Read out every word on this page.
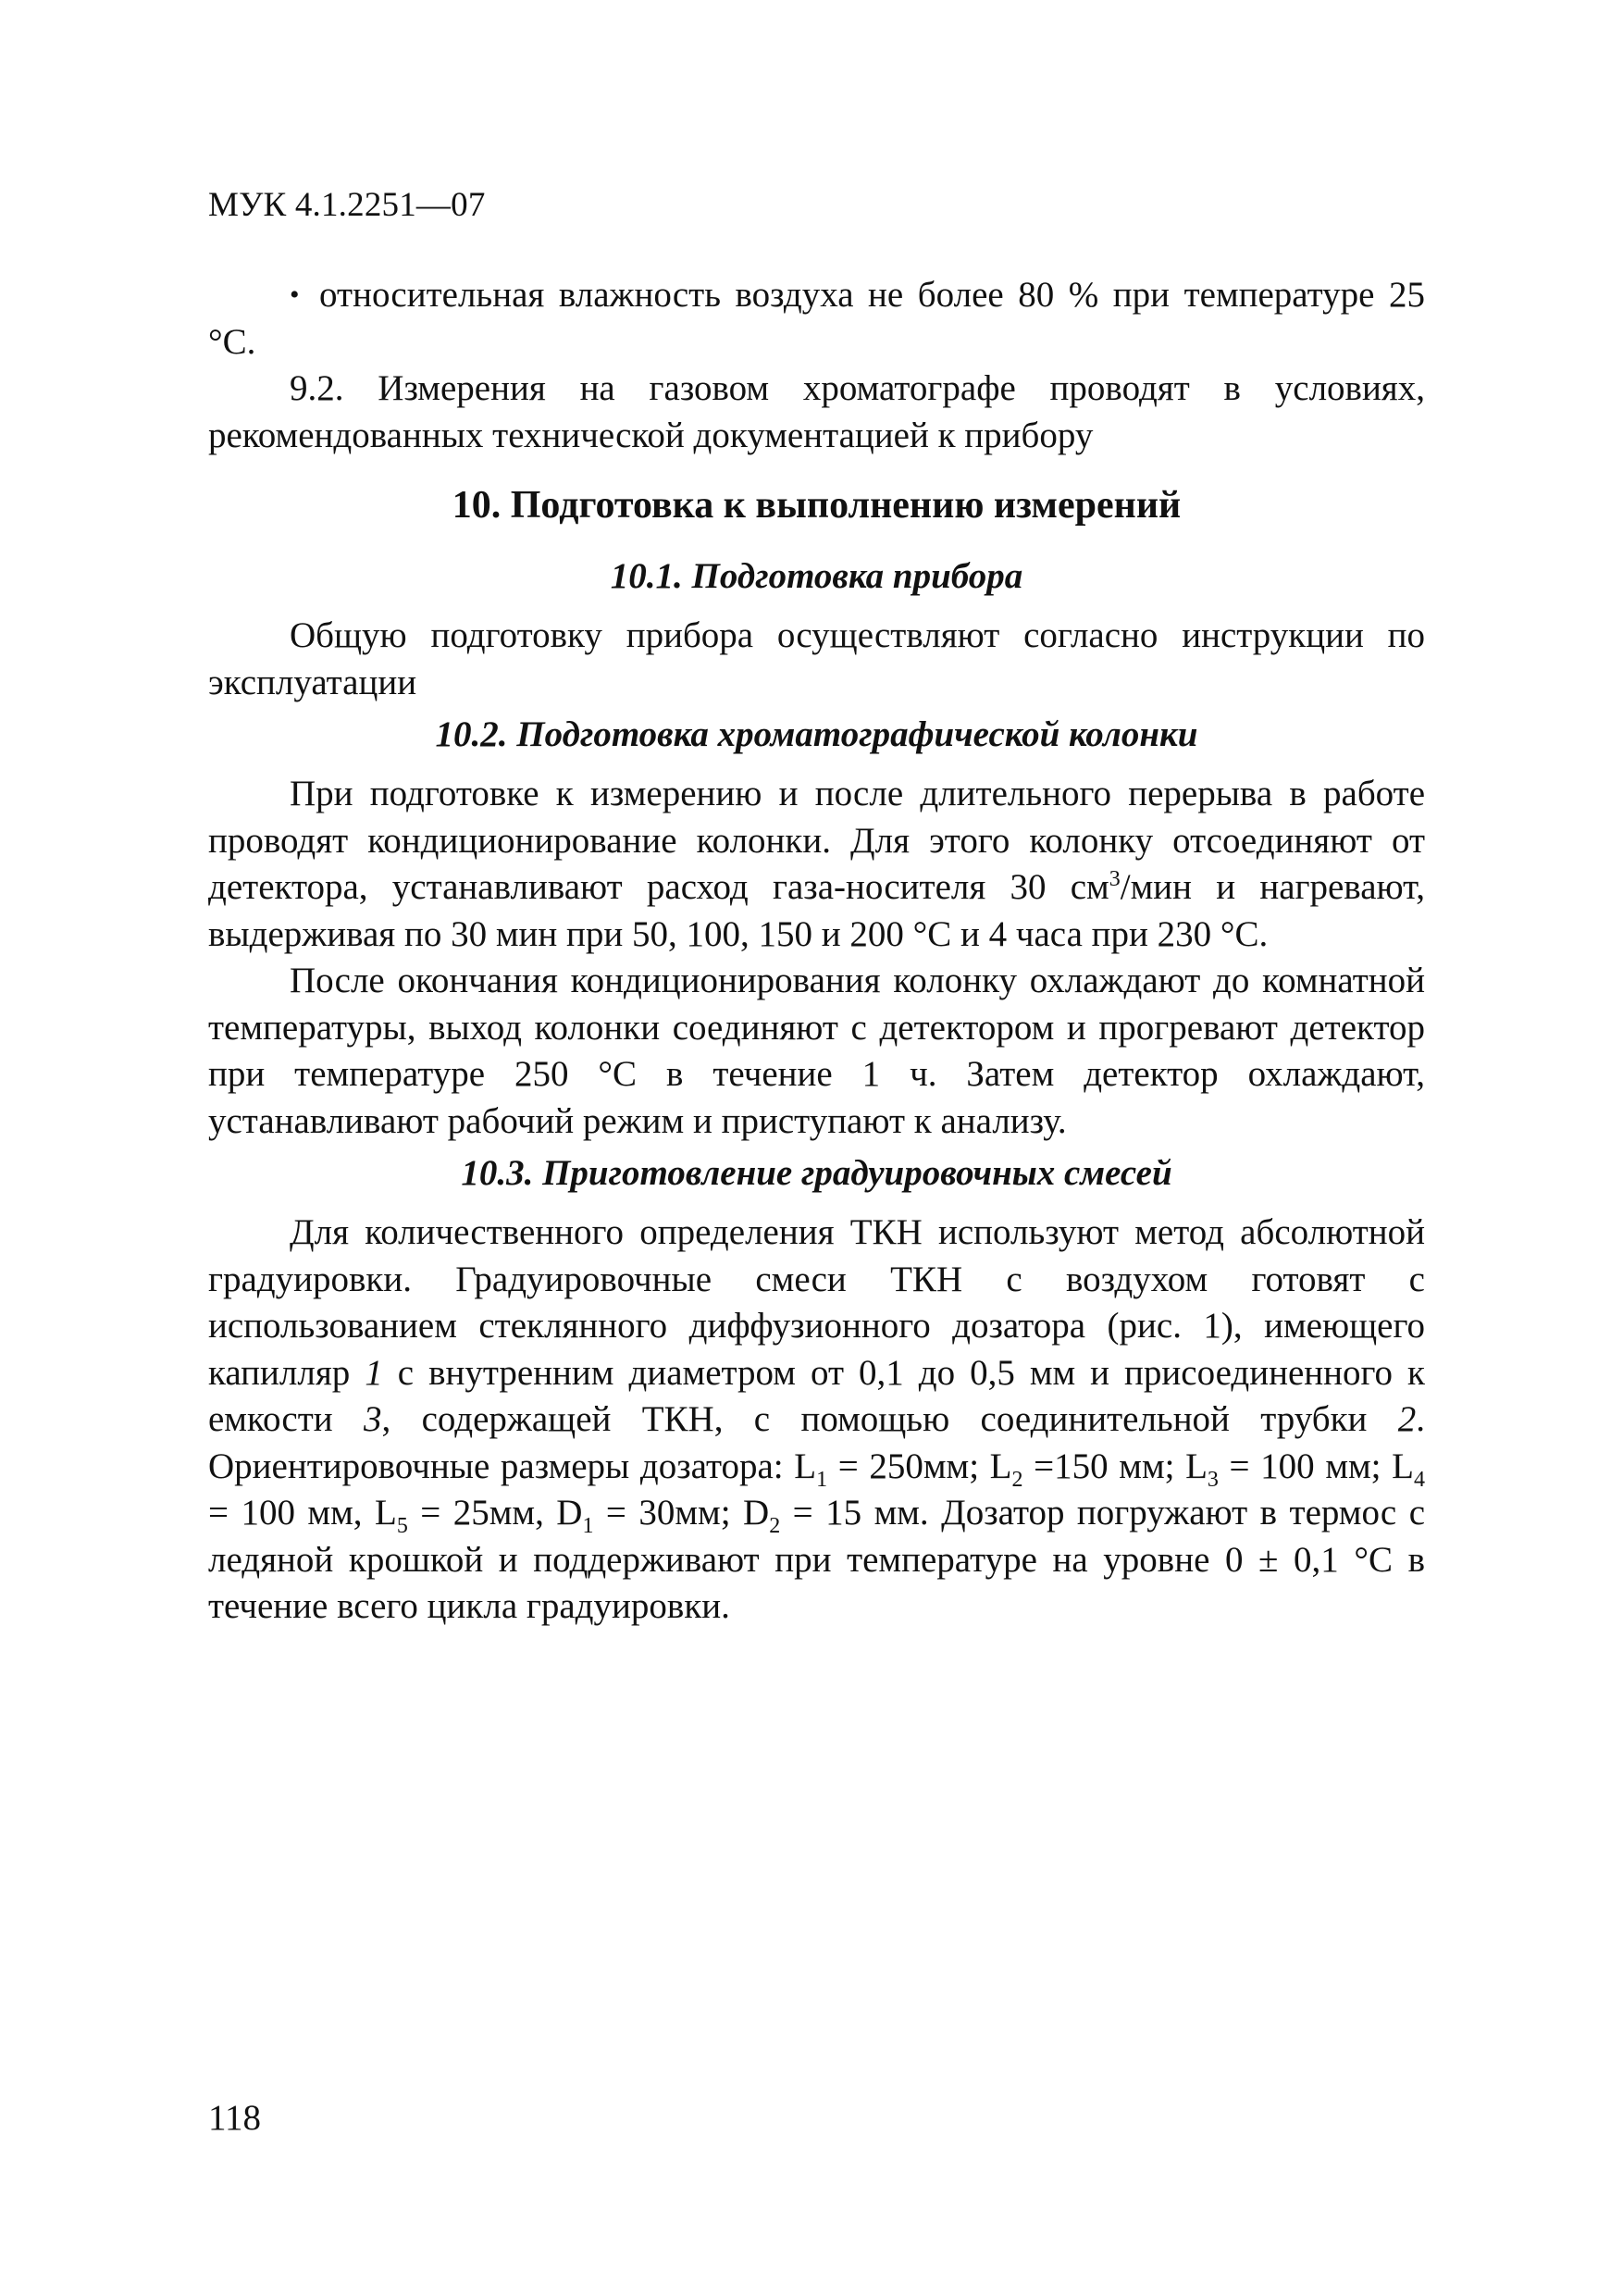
МУК 4.1.2251—07

• относительная влажность воздуха не более 80 % при температуре 25 °С.

9.2. Измерения на газовом хроматографе проводят в условиях, рекомендованных технической документацией к прибору

10. Подготовка к выполнению измерений
10.1. Подготовка прибора

Общую подготовку прибора осуществляют согласно инструкции по эксплуатации

10.2. Подготовка хроматографической колонки

При подготовке к измерению и после длительного перерыва в работе проводят кондиционирование колонки. Для этого колонку отсоединяют от детектора, устанавливают расход газа-носителя 30 $см^3$/мин и нагревают, выдерживая по 30 мин при 50, 100, 150 и 200 °С и 4 часа при 230 °С.

После окончания кондиционирования колонку охлаждают до комнатной температуры, выход колонки соединяют с детектором и прогревают детектор при температуре 250 °С в течение 1 ч. Затем детектор охлаждают, устанавливают рабочий режим и приступают к анализу.

10.3. Приготовление градуировочных смесей

Для количественного определения ТКН используют метод абсолютной градуировки. Градуировочные смеси ТКН с воздухом готовят с использованием стеклянного диффузионного дозатора (рис. 1), имеющего капилляр 1 с внутренним диаметром от 0,1 до 0,5 мм и присоединенного к емкости 3, содержащей ТКН, с помощью соединительной трубки 2. Ориентировочные размеры дозатора: $L_1 = 250мм$; $L_2 =150$ мм; $L_3 = 100$ мм; $L_4 = 100$ мм, $L_5 = 25мм$, $D_1 = 30мм$; $D_2 = 15$ мм. Дозатор погружают в термос с ледяной крошкой и поддерживают при температуре на уровне 0 ± 0,1 °С в течение всего цикла градуировки.

118
